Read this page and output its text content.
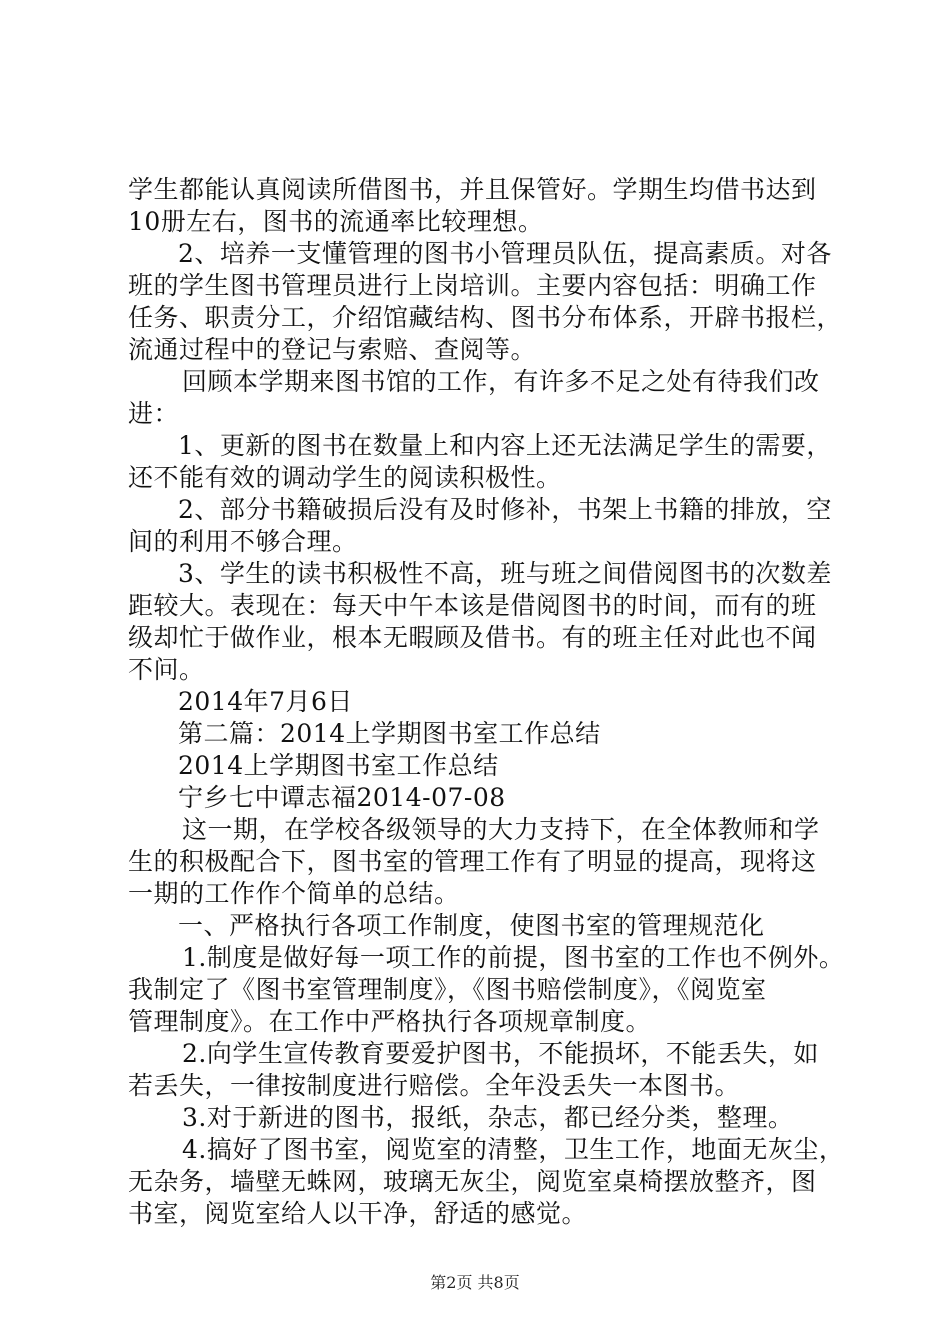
学生都能认真阅读所借图书，并且保管好。学期生均借书达到
10册左右，图书的流通率比较理想。
2、培养一支懂管理的图书小管理员队伍，提高素质。对各
班的学生图书管理员进行上岗培训。主要内容包括：明确工作
任务、职责分工，介绍馆藏结构、图书分布体系，开辟书报栏，
流通过程中的登记与索赔、查阅等。
回顾本学期来图书馆的工作，有许多不足之处有待我们改
进：
1、更新的图书在数量上和内容上还无法满足学生的需要，
还不能有效的调动学生的阅读积极性。
2、部分书籍破损后没有及时修补，书架上书籍的排放，空
间的利用不够合理。
3、学生的读书积极性不高，班与班之间借阅图书的次数差
距较大。表现在：每天中午本该是借阅图书的时间，而有的班
级却忙于做作业，根本无暇顾及借书。有的班主任对此也不闻
不问。
2014年7月6日
第二篇：2014上学期图书室工作总结
2014上学期图书室工作总结
宁乡七中谭志福2014-07-08
这一期，在学校各级领导的大力支持下，在全体教师和学
生的积极配合下，图书室的管理工作有了明显的提高，现将这
一期的工作作个简单的总结。
一、严格执行各项工作制度，使图书室的管理规范化
1.制度是做好每一项工作的前提，图书室的工作也不例外。
我制定了《图书室管理制度》，《图书赔偿制度》，《阅览室
管理制度》。在工作中严格执行各项规章制度。
2.向学生宣传教育要爱护图书，不能损坏，不能丢失，如
若丢失，一律按制度进行赔偿。全年没丢失一本图书。
3.对于新进的图书，报纸，杂志，都已经分类，整理。
4.搞好了图书室，阅览室的清整，卫生工作，地面无灰尘，
无杂务，墙壁无蛛网，玻璃无灰尘，阅览室桌椅摆放整齐，图
书室，阅览室给人以干净，舒适的感觉。
第2页 共8页
